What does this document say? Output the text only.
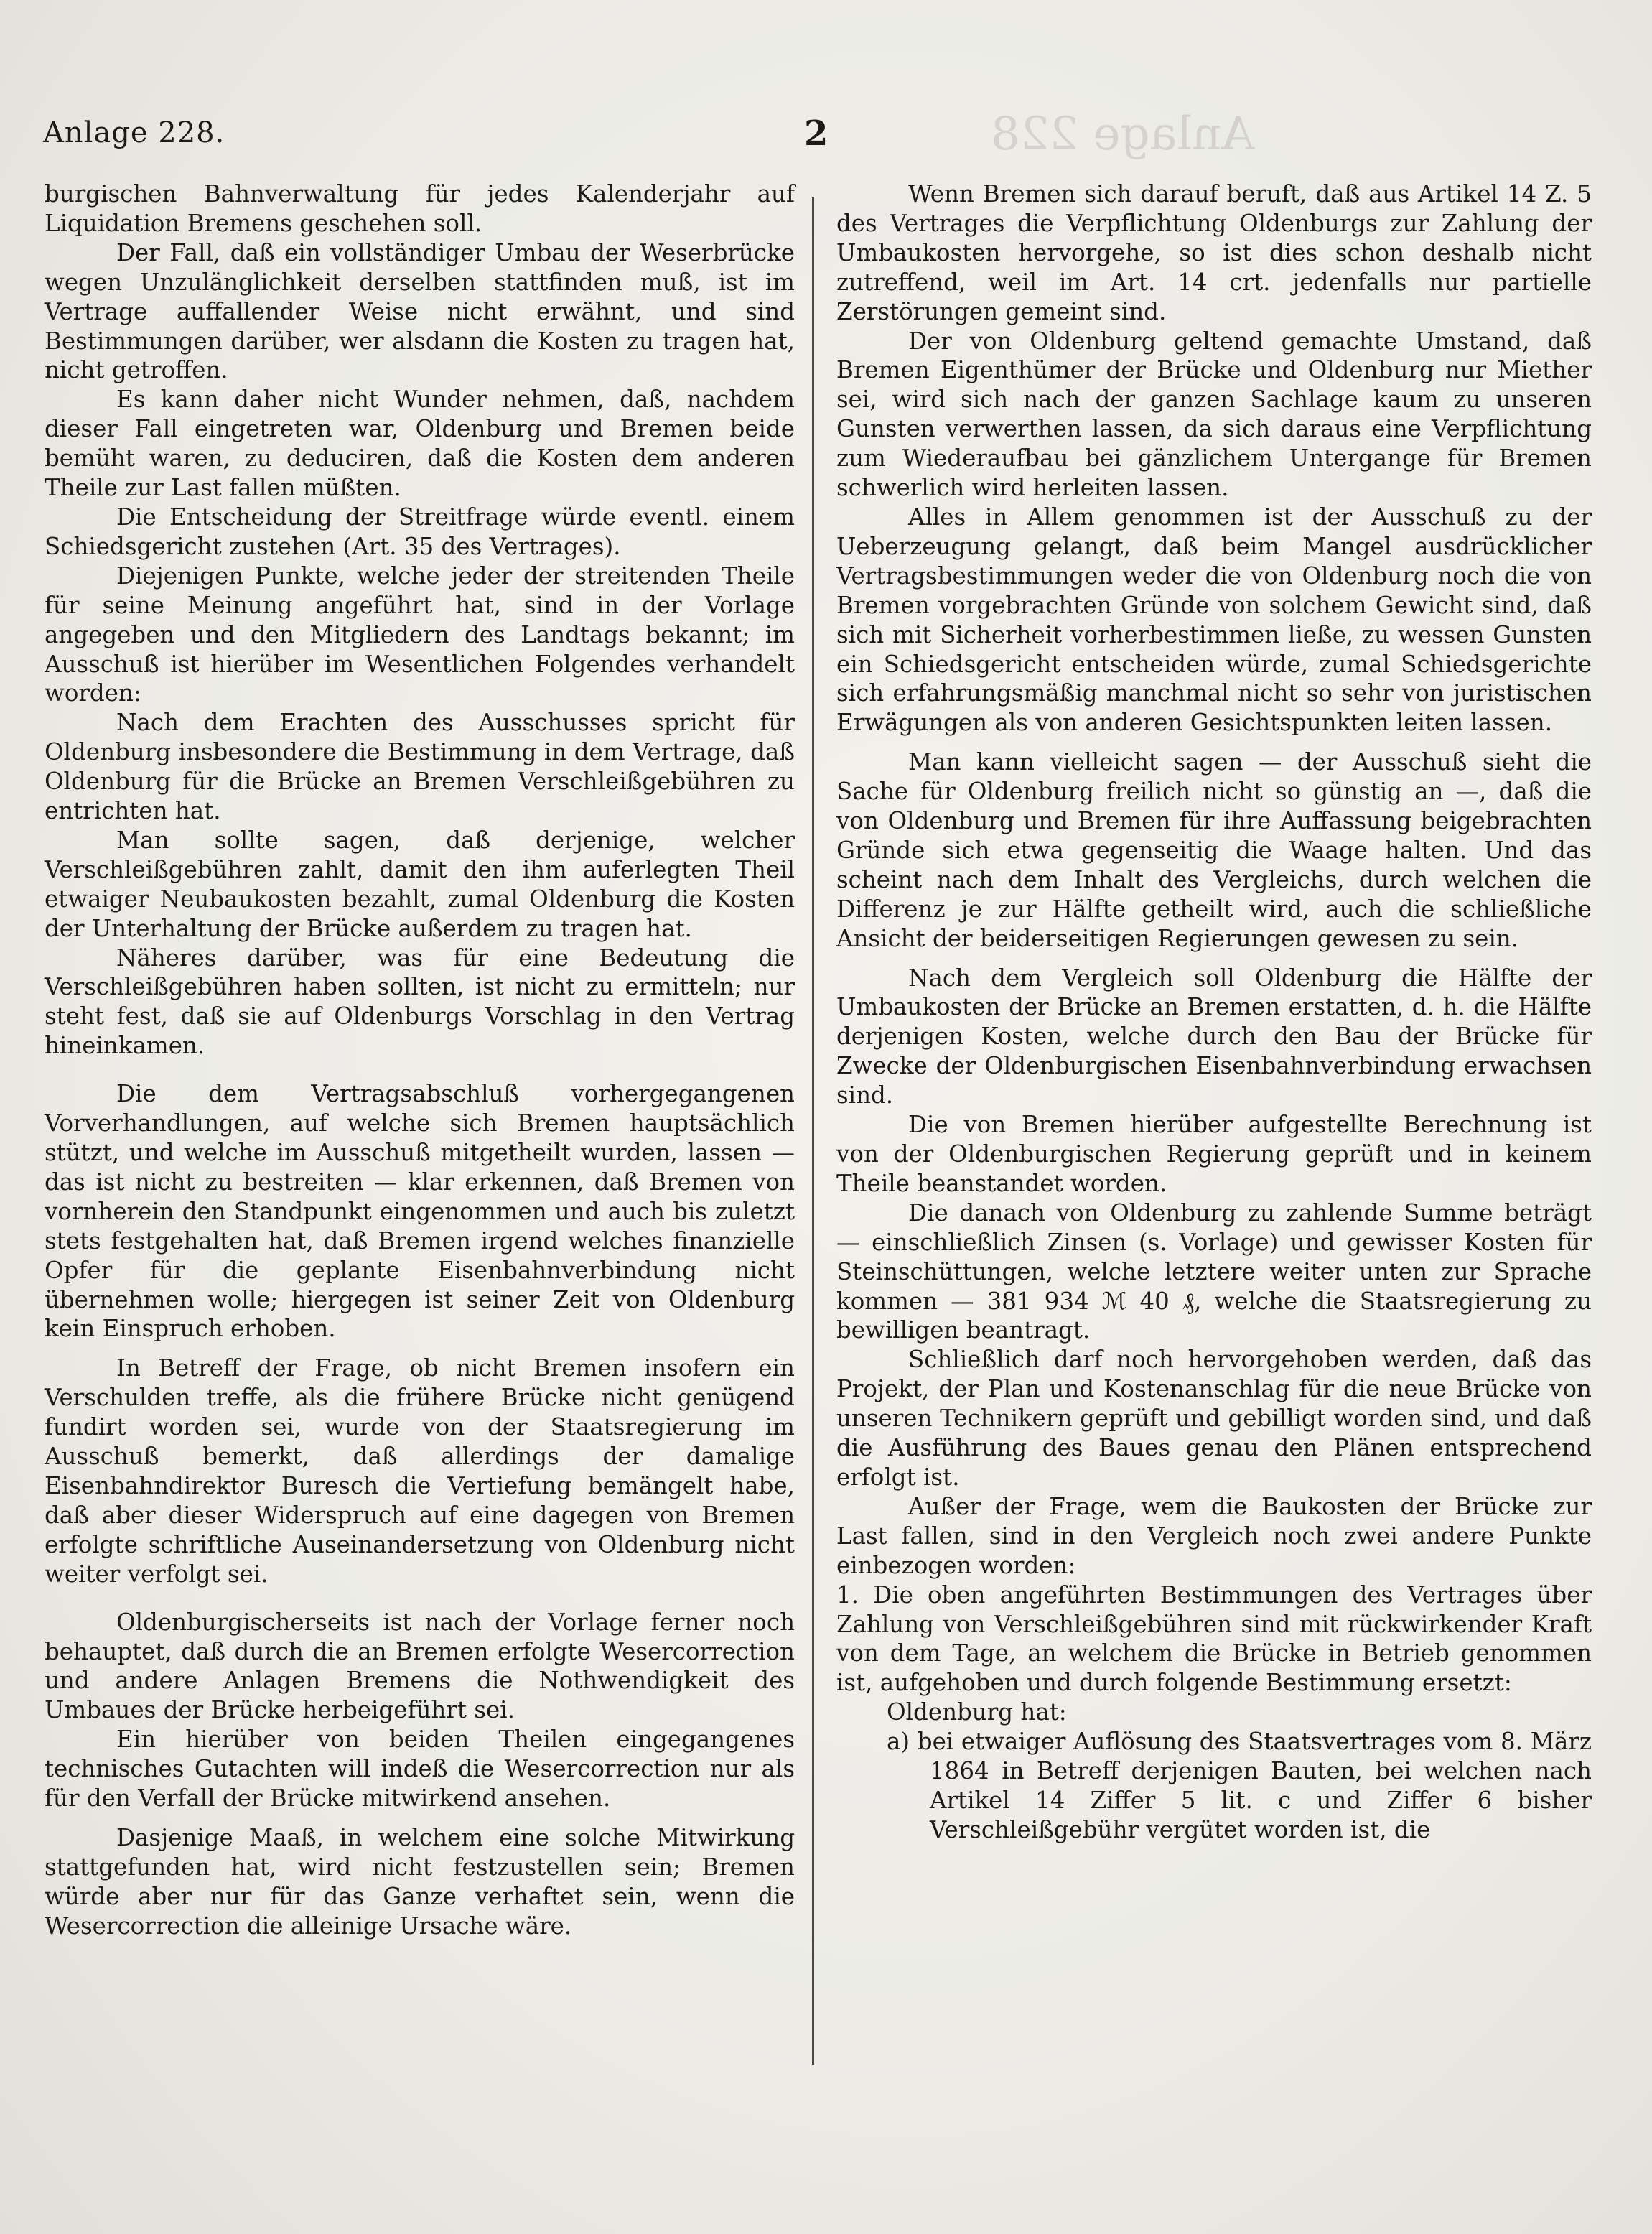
Anlage 228
Anlage 228.	2

burgischen Bahnverwaltung für jedes Kalenderjahr auf Liquidation Bremens geschehen soll.

Der Fall, daß ein vollständiger Umbau der Weserbrücke wegen Unzulänglichkeit derselben stattfinden muß, ist im Vertrage auffallender Weise nicht erwähnt, und sind Bestimmungen darüber, wer alsdann die Kosten zu tragen hat, nicht getroffen.

Es kann daher nicht Wunder nehmen, daß, nachdem dieser Fall eingetreten war, Oldenburg und Bremen beide bemüht waren, zu deduciren, daß die Kosten dem anderen Theile zur Last fallen müßten.

Die Entscheidung der Streitfrage würde eventl. einem Schiedsgericht zustehen (Art. 35 des Vertrages).

Diejenigen Punkte, welche jeder der streitenden Theile für seine Meinung angeführt hat, sind in der Vorlage angegeben und den Mitgliedern des Landtags bekannt; im Ausschuß ist hierüber im Wesentlichen Folgendes verhandelt worden:

Nach dem Erachten des Ausschusses spricht für Oldenburg insbesondere die Bestimmung in dem Vertrage, daß Oldenburg für die Brücke an Bremen Verschleißgebühren zu entrichten hat.

Man sollte sagen, daß derjenige, welcher Verschleißgebühren zahlt, damit den ihm auferlegten Theil etwaiger Neubaukosten bezahlt, zumal Oldenburg die Kosten der Unterhaltung der Brücke außerdem zu tragen hat.

Näheres darüber, was für eine Bedeutung die Verschleißgebühren haben sollten, ist nicht zu ermitteln; nur steht fest, daß sie auf Oldenburgs Vorschlag in den Vertrag hineinkamen.

Die dem Vertragsabschluß vorhergegangenen Vorverhandlungen, auf welche sich Bremen hauptsächlich stützt, und welche im Ausschuß mitgetheilt wurden, lassen — das ist nicht zu bestreiten — klar erkennen, daß Bremen von vornherein den Standpunkt eingenommen und auch bis zuletzt stets festgehalten hat, daß Bremen irgend welches finanzielle Opfer für die geplante Eisenbahnverbindung nicht übernehmen wolle; hiergegen ist seiner Zeit von Oldenburg kein Einspruch erhoben.

In Betreff der Frage, ob nicht Bremen insofern ein Verschulden treffe, als die frühere Brücke nicht genügend fundirt worden sei, wurde von der Staatsregierung im Ausschuß bemerkt, daß allerdings der damalige Eisenbahndirektor Buresch die Vertiefung bemängelt habe, daß aber dieser Widerspruch auf eine dagegen von Bremen erfolgte schriftliche Auseinandersetzung von Oldenburg nicht weiter verfolgt sei.

Oldenburgischerseits ist nach der Vorlage ferner noch behauptet, daß durch die an Bremen erfolgte Wesercorrection und andere Anlagen Bremens die Nothwendigkeit des Umbaues der Brücke herbeigeführt sei.

Ein hierüber von beiden Theilen eingegangenes technisches Gutachten will indeß die Wesercorrection nur als für den Verfall der Brücke mitwirkend ansehen.

Dasjenige Maaß, in welchem eine solche Mitwirkung stattgefunden hat, wird nicht festzustellen sein; Bremen würde aber nur für das Ganze verhaftet sein, wenn die Wesercorrection die alleinige Ursache wäre.

Wenn Bremen sich darauf beruft, daß aus Artikel 14 Z. 5 des Vertrages die Verpflichtung Oldenburgs zur Zahlung der Umbaukosten hervorgehe, so ist dies schon deshalb nicht zutreffend, weil im Art. 14 crt. jedenfalls nur partielle Zerstörungen gemeint sind.

Der von Oldenburg geltend gemachte Umstand, daß Bremen Eigenthümer der Brücke und Oldenburg nur Miether sei, wird sich nach der ganzen Sachlage kaum zu unseren Gunsten verwerthen lassen, da sich daraus eine Verpflichtung zum Wiederaufbau bei gänzlichem Untergange für Bremen schwerlich wird herleiten lassen.

Alles in Allem genommen ist der Ausschuß zu der Ueberzeugung gelangt, daß beim Mangel ausdrücklicher Vertragsbestimmungen weder die von Oldenburg noch die von Bremen vorgebrachten Gründe von solchem Gewicht sind, daß sich mit Sicherheit vorherbestimmen ließe, zu wessen Gunsten ein Schiedsgericht entscheiden würde, zumal Schiedsgerichte sich erfahrungsmäßig manchmal nicht so sehr von juristischen Erwägungen als von anderen Gesichtspunkten leiten lassen.

Man kann vielleicht sagen — der Ausschuß sieht die Sache für Oldenburg freilich nicht so günstig an —, daß die von Oldenburg und Bremen für ihre Auffassung beigebrachten Gründe sich etwa gegenseitig die Waage halten. Und das scheint nach dem Inhalt des Vergleichs, durch welchen die Differenz je zur Hälfte getheilt wird, auch die schließliche Ansicht der beiderseitigen Regierungen gewesen zu sein.

Nach dem Vergleich soll Oldenburg die Hälfte der Umbaukosten der Brücke an Bremen erstatten, d. h. die Hälfte derjenigen Kosten, welche durch den Bau der Brücke für Zwecke der Oldenburgischen Eisenbahnverbindung erwachsen sind.

Die von Bremen hierüber aufgestellte Berechnung ist von der Oldenburgischen Regierung geprüft und in keinem Theile beanstandet worden.

Die danach von Oldenburg zu zahlende Summe beträgt — einschließlich Zinsen (s. Vorlage) und gewisser Kosten für Steinschüttungen, welche letztere weiter unten zur Sprache kommen — 381 934 ℳ 40 ₰, welche die Staatsregierung zu bewilligen beantragt.

Schließlich darf noch hervorgehoben werden, daß das Projekt, der Plan und Kostenanschlag für die neue Brücke von unseren Technikern geprüft und gebilligt worden sind, und daß die Ausführung des Baues genau den Plänen entsprechend erfolgt ist.

Außer der Frage, wem die Baukosten der Brücke zur Last fallen, sind in den Vergleich noch zwei andere Punkte einbezogen worden:

1. Die oben angeführten Bestimmungen des Vertrages über Zahlung von Verschleißgebühren sind mit rückwirkender Kraft von dem Tage, an welchem die Brücke in Betrieb genommen ist, aufgehoben und durch folgende Bestimmung ersetzt:

Oldenburg hat:

a) bei etwaiger Auflösung des Staatsvertrages vom 8. März 1864 in Betreff derjenigen Bauten, bei welchen nach Artikel 14 Ziffer 5 lit. c und Ziffer 6 bisher Verschleißgebühr vergütet worden ist, die
